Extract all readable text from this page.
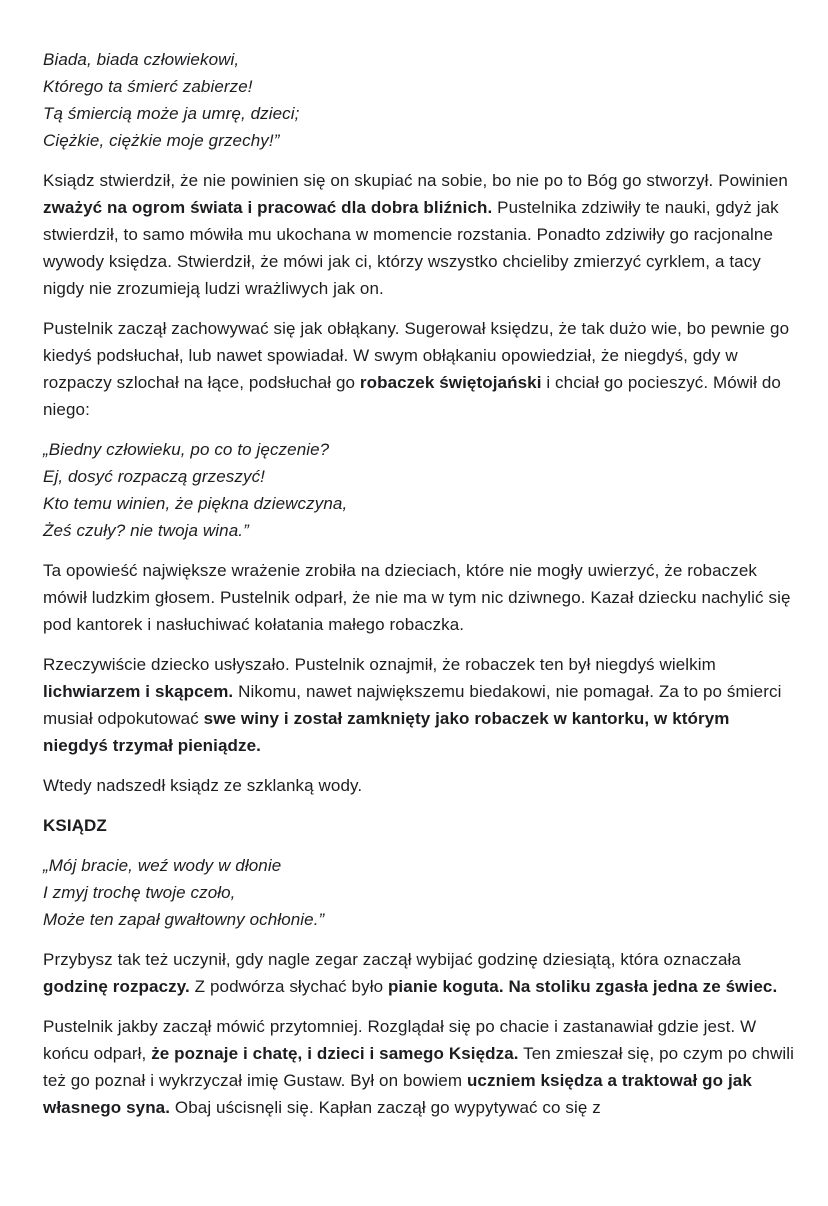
Biada, biada człowiekowi,
Którego ta śmierć zabierze!
Tą śmiercią może ja umrę, dzieci;
Ciężkie, ciężkie moje grzechy!”

Ksiądz stwierdził, że nie powinien się on skupiać na sobie, bo nie po to Bóg go stworzył. Powinien zważyć na ogrom świata i pracować dla dobra bliźnich. Pustelnika zdziwiły te nauki, gdyż jak stwierdził, to samo mówiła mu ukochana w momencie rozstania. Ponadto zdziwiły go racjonalne wywody księdza. Stwierdził, że mówi jak ci, którzy wszystko chcieliby zmierzyć cyrklem, a tacy nigdy nie zrozumieją ludzi wrażliwych jak on.

Pustelnik zaczął zachowywać się jak obłąkany. Sugerował księdzu, że tak dużo wie, bo pewnie go kiedyś podsłuchał, lub nawet spowiadał. W swym obłąkaniu opowiedział, że niegdyś, gdy w rozpaczy szlochał na łące, podsłuchał go robaczek świętojański i chciał go pocieszyć. Mówił do niego:

„Biedny człowieku, po co to jęczenie?
Ej, dosyć rozpaczą grzeszyć!
Kto temu winien, że piękna dziewczyna,
Żeś czuły? nie twoja wina.”

Ta opowieść największe wrażenie zrobiła na dzieciach, które nie mogły uwierzyć, że robaczek mówił ludzkim głosem. Pustelnik odparł, że nie ma w tym nic dziwnego. Kazał dziecku nachylić się pod kantorek i nasłuchiwać kołatania małego robaczka.

Rzeczywiście dziecko usłyszało. Pustelnik oznajmił, że robaczek ten był niegdyś wielkim lichwiarzem i skąpcem. Nikomu, nawet największemu biedakowi, nie pomagał. Za to po śmierci musiał odpokutować swe winy i został zamknięty jako robaczek w kantorku, w którym niegdyś trzymał pieniądze.

Wtedy nadszedł ksiądz ze szklanką wody.

KSIĄDZ

„Mój bracie, weź wody w dłonie
I zmyj trochę twoje czoło,
Może ten zapał gwałtowny ochłonie.”

Przybysz tak też uczynił, gdy nagle zegar zaczął wybijać godzinę dziesiątą, która oznaczała godzinę rozpaczy. Z podwórza słychać było pianie koguta. Na stoliku zgasła jedna ze świec.

Pustelnik jakby zaczął mówić przytomniej. Rozglądał się po chacie i zastanawiał gdzie jest. W końcu odparł, że poznaje i chatę, i dzieci i samego Księdza. Ten zmieszał się, po czym po chwili też go poznał i wykrzyczał imię Gustaw. Był on bowiem uczniem księdza a traktował go jak własnego syna. Obaj uścisnęli się. Kapłan zaczął go wypytywać co się z
